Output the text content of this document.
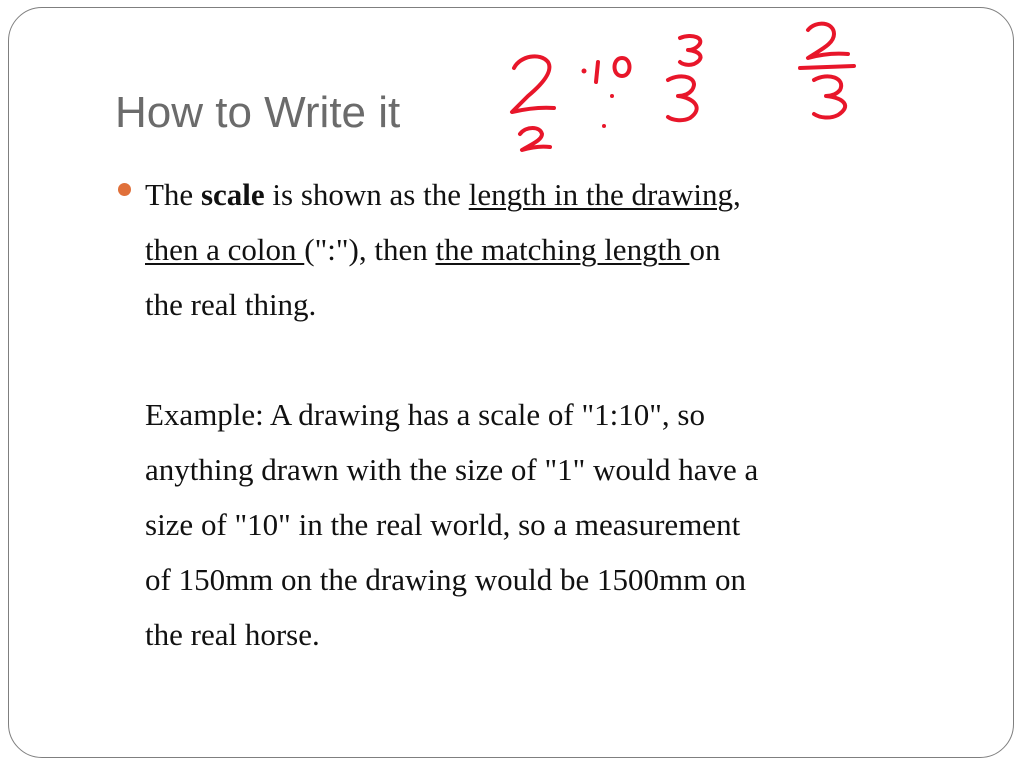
How to Write it

The scale is shown as the length in the drawing,

then a colon (":"), then the matching length on

the real thing.

Example: A drawing has a scale of "1:10", so

anything drawn with the size of "1" would have a

size of "10" in the real world, so a measurement

of 150mm on the drawing would be 1500mm on

the real horse.
